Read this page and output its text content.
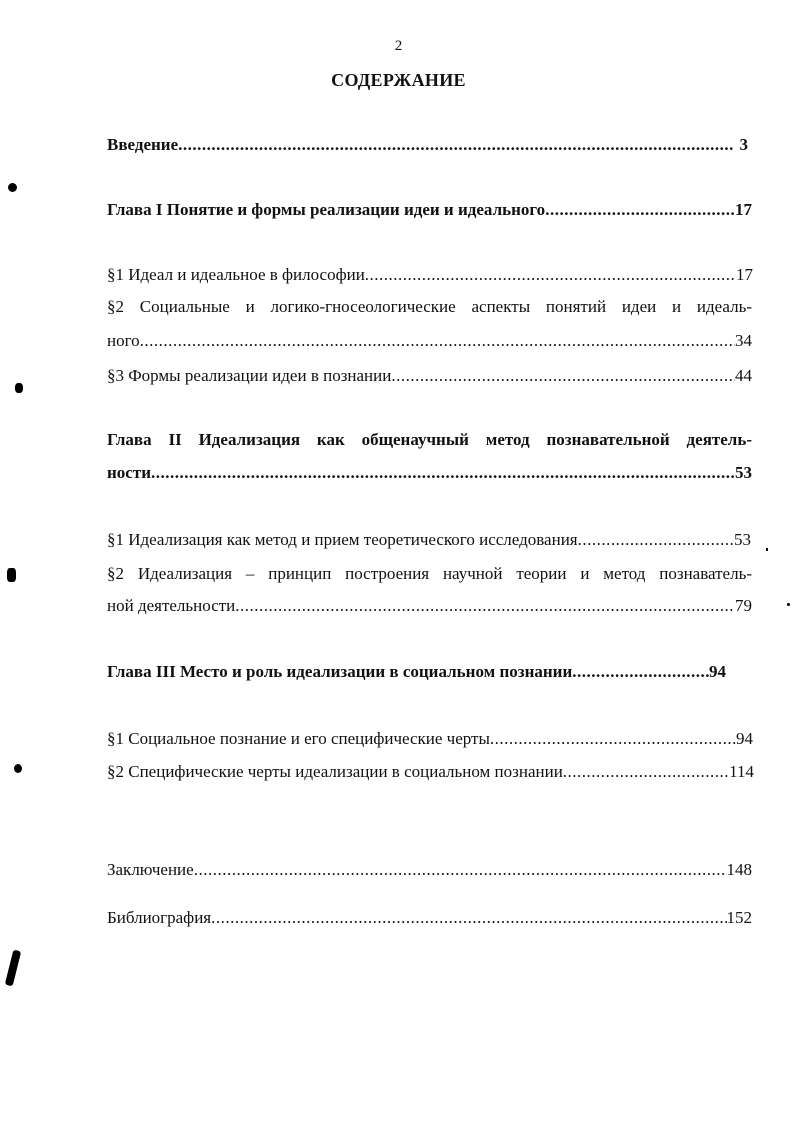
2
СОДЕРЖАНИЕ
Введение .....	3
Глава I Понятие и формы реализации идеи и идеального .....	17
§1 Идеал и идеальное в философии .....	17
§2 Социальные и логико-гносеологические аспекты понятий идеи и идеаль-
ного .....	34
§3 Формы реализации идеи в познании .....	44
Глава II Идеализация как общенаучный метод познавательной деятель-
ности .....	53
§1 Идеализация как метод и прием теоретического исследования .....	53
§2 Идеализация – принцип построения научной теории и метод познаватель-
ной деятельности .....	79
Глава III Место и роль идеализации в социальном познании .....	94
§1 Социальное познание и его специфические черты .....	94
§2 Специфические черты идеализации в социальном познании .....	114
Заключение .....	148
Библиография .....	152
